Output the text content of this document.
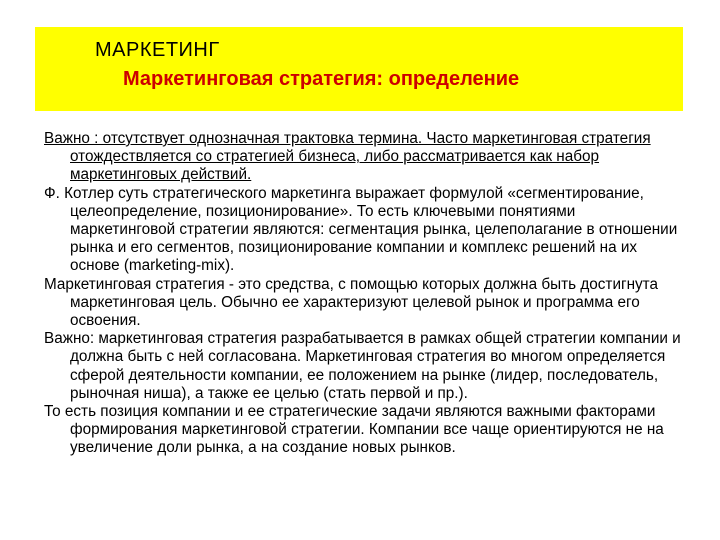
МАРКЕТИНГ
Маркетинговая стратегия: определение

Важно : отсутствует однозначная трактовка термина. Часто маркетинговая стратегия отождествляется со стратегией бизнеса, либо рассматривается как набор маркетинговых действий.

Ф. Котлер суть стратегического маркетинга выражает формулой «сегментирование, целеопределение, позиционирование». То есть ключевыми понятиями маркетинговой стратегии являются: сегментация рынка, целеполагание в отношении рынка и его сегментов, позиционирование компании и комплекс решений на их основе (marketing-mix).

Маркетинговая стратегия - это средства, с помощью которых должна быть достигнута маркетинговая цель. Обычно ее характеризуют целевой рынок и программа его освоения.

Важно: маркетинговая стратегия разрабатывается в рамках общей стратегии компании и должна быть с ней согласована. Маркетинговая стратегия во многом определяется сферой деятельности компании, ее положением на рынке (лидер, последователь, рыночная ниша), а также ее целью (стать первой и пр.).

То есть позиция компании и ее стратегические задачи являются важными факторами формирования маркетинговой стратегии. Компании все чаще ориентируются не на увеличение доли рынка, а на создание новых рынков.
